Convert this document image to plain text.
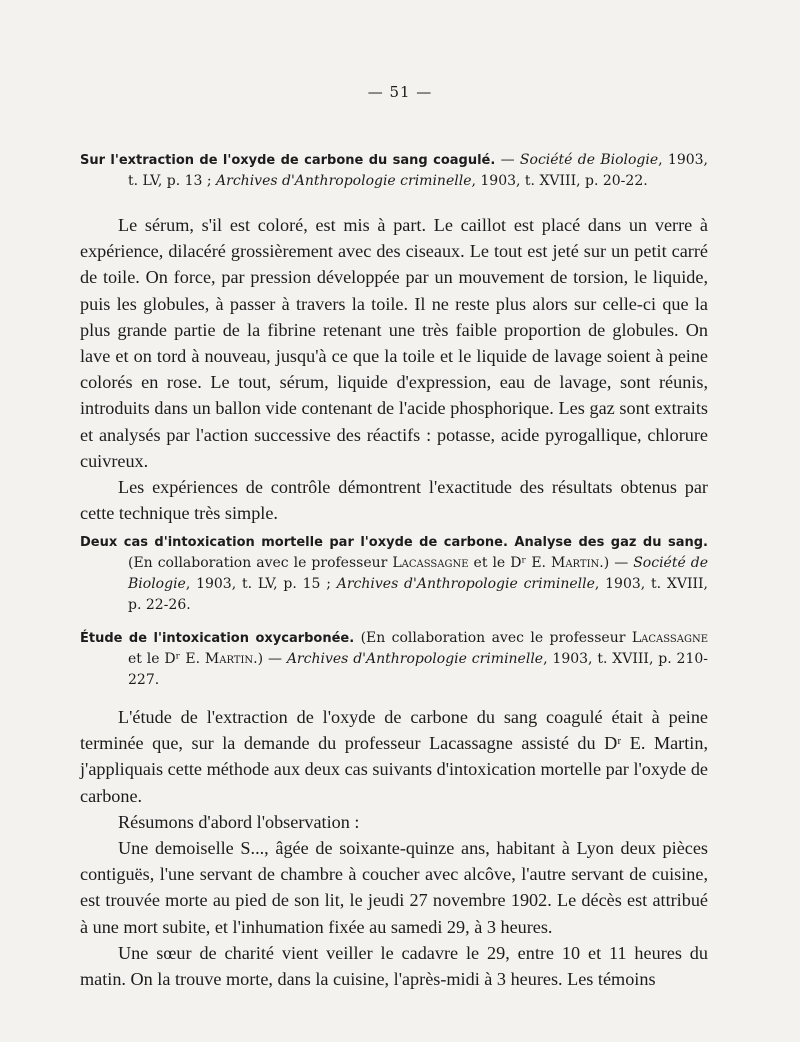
— 51 —

Sur l'extraction de l'oxyde de carbone du sang coagulé. — Société de Biologie, 1903, t. LV, p. 13 ; Archives d'Anthropologie criminelle, 1903, t. XVIII, p. 20-22.

Le sérum, s'il est coloré, est mis à part. Le caillot est placé dans un verre à expérience, dilacéré grossièrement avec des ciseaux. Le tout est jeté sur un petit carré de toile. On force, par pression développée par un mouvement de torsion, le liquide, puis les globules, à passer à travers la toile. Il ne reste plus alors sur celle-ci que la plus grande partie de la fibrine retenant une très faible proportion de globules. On lave et on tord à nouveau, jusqu'à ce que la toile et le liquide de lavage soient à peine colorés en rose. Le tout, sérum, liquide d'expression, eau de lavage, sont réunis, introduits dans un ballon vide contenant de l'acide phosphorique. Les gaz sont extraits et analysés par l'action successive des réactifs : potasse, acide pyrogallique, chlorure cuivreux.

Les expériences de contrôle démontrent l'exactitude des résultats obtenus par cette technique très simple.

Deux cas d'intoxication mortelle par l'oxyde de carbone. Analyse des gaz du sang. (En collaboration avec le professeur Lacassagne et le Dʳ E. Martin.) — Société de Biologie, 1903, t. LV, p. 15 ; Archives d'Anthropologie criminelle, 1903, t. XVIII, p. 22-26.

Étude de l'intoxication oxycarbonée. (En collaboration avec le professeur Lacassagne et le Dʳ E. Martin.) — Archives d'Anthropologie criminelle, 1903, t. XVIII, p. 210-227.

L'étude de l'extraction de l'oxyde de carbone du sang coagulé était à peine terminée que, sur la demande du professeur Lacassagne assisté du Dʳ E. Martin, j'appliquais cette méthode aux deux cas suivants d'intoxication mortelle par l'oxyde de carbone.

Résumons d'abord l'observation :

Une demoiselle S..., âgée de soixante-quinze ans, habitant à Lyon deux pièces contiguës, l'une servant de chambre à coucher avec alcôve, l'autre servant de cuisine, est trouvée morte au pied de son lit, le jeudi 27 novembre 1902. Le décès est attribué à une mort subite, et l'inhumation fixée au samedi 29, à 3 heures.

Une sœur de charité vient veiller le cadavre le 29, entre 10 et 11 heures du matin. On la trouve morte, dans la cuisine, l'après-midi à 3 heures. Les témoins
